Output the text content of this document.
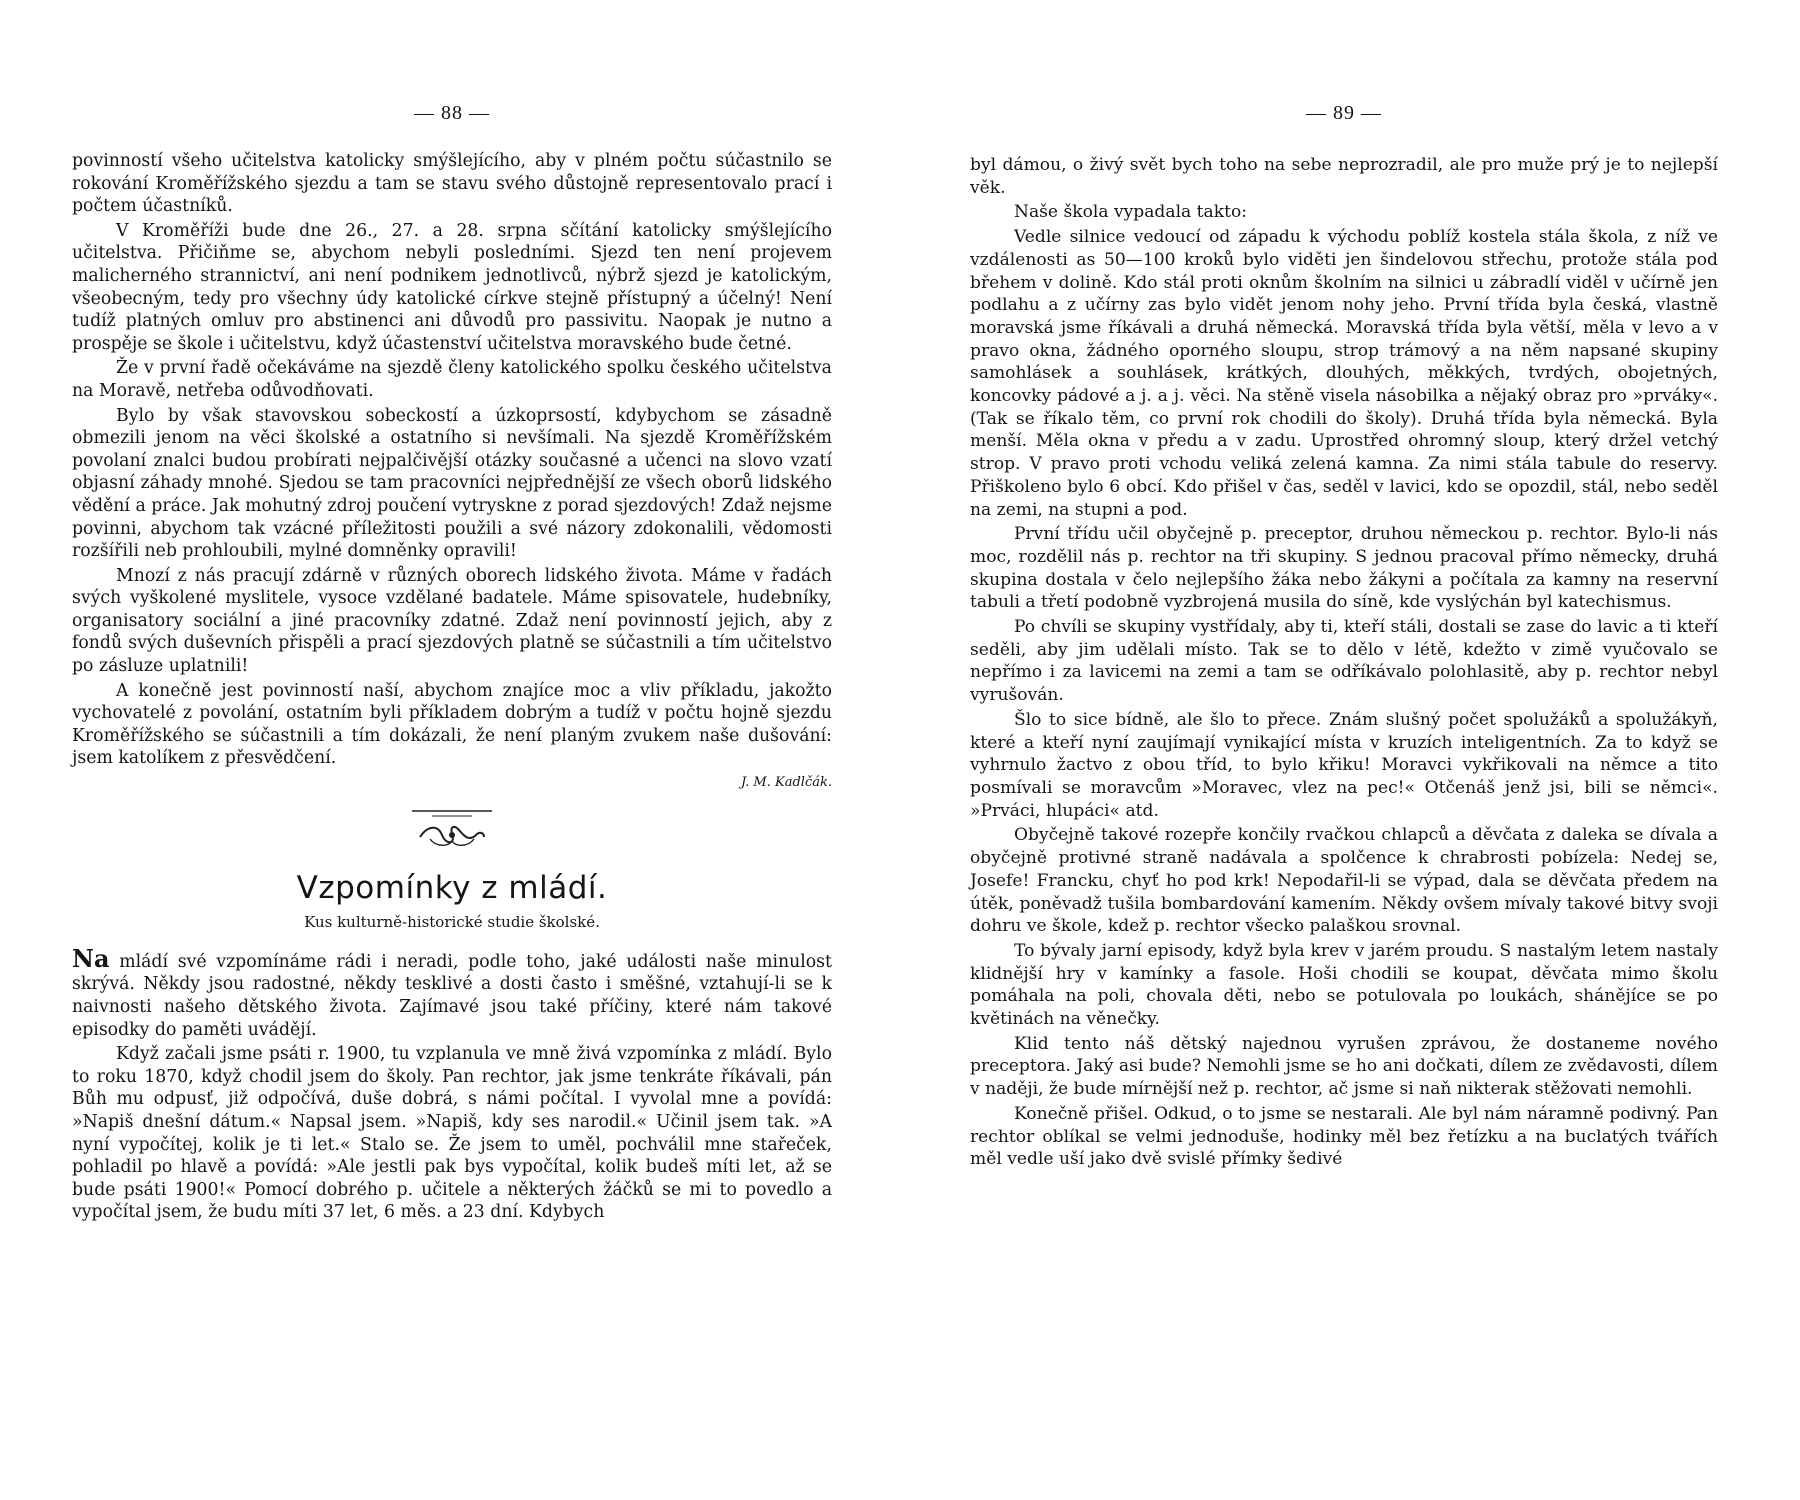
— 88 —

povinností všeho učitelstva katolicky smýšlejícího, aby v plném počtu súčastnilo se rokování Kroměřížského sjezdu a tam se stavu svého důstojně representovalo prací i počtem účastníků.

V Kroměříži bude dne 26., 27. a 28. srpna sčítání katolicky smýšlejícího učitelstva. Přičiňme se, abychom nebyli posledními. Sjezd ten není projevem malicherného strannictví, ani není podnikem jednotlivců, nýbrž sjezd je katolickým, všeobecným, tedy pro všechny údy katolické církve stejně přístupný a účelný! Není tudíž platných omluv pro abstinenci ani důvodů pro passivitu. Naopak je nutno a prospěje se škole i učitelstvu, když účastenství učitelstva moravského bude četné.

Že v první řadě očekáváme na sjezdě členy katolického spolku českého učitelstva na Moravě, netřeba odůvodňovati.

Bylo by však stavovskou sobeckostí a úzkoprsostí, kdybychom se zásadně obmezili jenom na věci školské a ostatního si nevšímali. Na sjezdě Kroměřížském povolaní znalci budou probírati nejpalčivější otázky současné a učenci na slovo vzatí objasní záhady mnohé. Sjedou se tam pracovníci nejpřednější ze všech oborů lidského vědění a práce. Jak mohutný zdroj poučení vytryskne z porad sjezdových! Zdaž nejsme povinni, abychom tak vzácné příležitosti použili a své názory zdokonalili, vědomosti rozšířili neb prohloubili, mylné domněnky opravili!

Mnozí z nás pracují zdárně v různých oborech lidského života. Máme v řadách svých vyškolené myslitele, vysoce vzdělané badatele. Máme spisovatele, hudebníky, organisatory sociální a jiné pracovníky zdatné. Zdaž není povinností jejich, aby z fondů svých duševních přispěli a prací sjezdových platně se súčastnili a tím učitelstvo po zásluze uplatnili!

A konečně jest povinností naší, abychom znajíce moc a vliv příkladu, jakožto vychovatelé z povolání, ostatním byli příkladem dobrým a tudíž v počtu hojně sjezdu Kroměřížského se súčastnili a tím dokázali, že není planým zvukem naše dušování: jsem katolíkem z přesvědčení.

J. M. Kadlčák.

Vzpomínky z mládí.
Kus kulturně-historické studie školské.

Na mládí své vzpomínáme rádi i neradi, podle toho, jaké události naše minulost skrývá. Někdy jsou radostné, někdy tesklivé a dosti často i směšné, vztahují-li se k naivnosti našeho dětského života. Zajímavé jsou také příčiny, které nám takové episodky do paměti uvádějí.

Když začali jsme psáti r. 1900, tu vzplanula ve mně živá vzpomínka z mládí. Bylo to roku 1870, když chodil jsem do školy. Pan rechtor, jak jsme tenkráte říkávali, pán Bůh mu odpusť, již odpočívá, duše dobrá, s námi počítal. I vyvolal mne a povídá: »Napiš dnešní dátum.« Napsal jsem. »Napiš, kdy ses narodil.« Učinil jsem tak. »A nyní vypočítej, kolik je ti let.« Stalo se. Že jsem to uměl, pochválil mne stařeček, pohladil po hlavě a povídá: »Ale jestli pak bys vypočítal, kolik budeš míti let, až se bude psáti 1900!« Pomocí dobrého p. učitele a některých žáčků se mi to povedlo a vypočítal jsem, že budu míti 37 let, 6 měs. a 23 dní. Kdybych

— 89 —

byl dámou, o živý svět bych toho na sebe neprozradil, ale pro muže prý je to nejlepší věk.

Naše škola vypadala takto:

Vedle silnice vedoucí od západu k východu poblíž kostela stála škola, z níž ve vzdálenosti as 50—100 kroků bylo viděti jen šindelovou střechu, protože stála pod břehem v dolině. Kdo stál proti oknům školním na silnici u zábradlí viděl v učírně jen podlahu a z učírny zas bylo vidět jenom nohy jeho. První třída byla česká, vlastně moravská jsme říkávali a druhá německá. Moravská třída byla větší, měla v levo a v pravo okna, žádného oporného sloupu, strop trámový a na něm napsané skupiny samohlásek a souhlásek, krátkých, dlouhých, měkkých, tvrdých, obojetných, koncovky pádové a j. a j. věci. Na stěně visela násobilka a nějaký obraz pro »prváky«. (Tak se říkalo těm, co první rok chodili do školy). Druhá třída byla německá. Byla menší. Měla okna v předu a v zadu. Uprostřed ohromný sloup, který držel vetchý strop. V pravo proti vchodu veliká zelená kamna. Za nimi stála tabule do reservy. Přiškoleno bylo 6 obcí. Kdo přišel v čas, seděl v lavici, kdo se opozdil, stál, nebo seděl na zemi, na stupni a pod.

První třídu učil obyčejně p. preceptor, druhou německou p. rechtor. Bylo-li nás moc, rozdělil nás p. rechtor na tři skupiny. S jednou pracoval přímo německy, druhá skupina dostala v čelo nejlepšího žáka nebo žákyni a počítala za kamny na reservní tabuli a třetí podobně vyzbrojená musila do síně, kde vyslýchán byl katechismus.

Po chvíli se skupiny vystřídaly, aby ti, kteří stáli, dostali se zase do lavic a ti kteří seděli, aby jim udělali místo. Tak se to dělo v létě, kdežto v zimě vyučovalo se nepřímo i za lavicemi na zemi a tam se odříkávalo polohlasitě, aby p. rechtor nebyl vyrušován.

Šlo to sice bídně, ale šlo to přece. Znám slušný počet spolužáků a spolužákyň, které a kteří nyní zaujímají vynikající místa v kruzích inteligentních. Za to když se vyhrnulo žactvo z obou tříd, to bylo křiku! Moravci vykřikovali na němce a tito posmívali se moravcům »Moravec, vlez na pec!« Otčenáš jenž jsi, bili se němci«. »Prváci, hlupáci« atd.

Obyčejně takové rozepře končily rvačkou chlapců a děvčata z daleka se dívala a obyčejně protivné straně nadávala a spolčence k chrabrosti pobízela: Nedej se, Josefe! Francku, chyť ho pod krk! Nepodařil-li se výpad, dala se děvčata předem na útěk, poněvadž tušila bombardování kamením. Někdy ovšem mívaly takové bitvy svoji dohru ve škole, kdež p. rechtor všecko palaškou srovnal.

To bývaly jarní episody, když byla krev v jarém proudu. S nastalým letem nastaly klidnější hry v kamínky a fasole. Hoši chodili se koupat, děvčata mimo školu pomáhala na poli, chovala děti, nebo se potulovala po loukách, shánějíce se po květinách na věnečky.

Klid tento náš dětský najednou vyrušen zprávou, že dostaneme nového preceptora. Jaký asi bude? Nemohli jsme se ho ani dočkati, dílem ze zvědavosti, dílem v naději, že bude mírnější než p. rechtor, ač jsme si naň nikterak stěžovati nemohli.

Konečně přišel. Odkud, o to jsme se nestarali. Ale byl nám náramně podivný. Pan rechtor oblíkal se velmi jednoduše, hodinky měl bez řetízku a na buclatých tvářích měl vedle uší jako dvě svislé přímky šedivé
